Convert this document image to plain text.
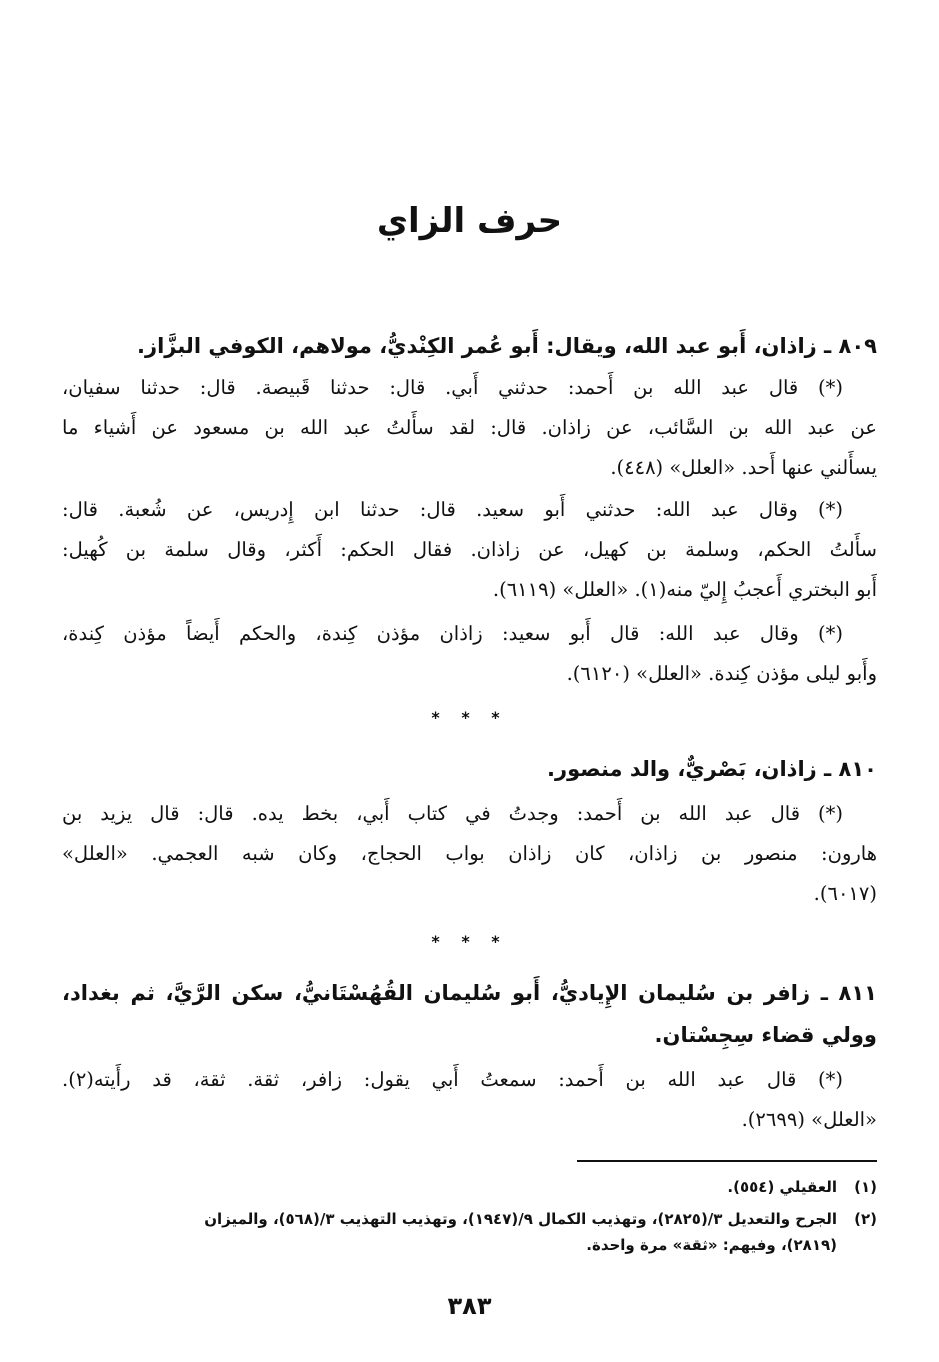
حرف الزاي
٨٠٩ ـ زاذان، أَبو عبد الله، ويقال: أَبو عُمر الكِنْديُّ، مولاهم، الكوفي البزَّاز.
(*) قال عبد الله بن أَحمد: حدثني أَبي. قال: حدثنا قَبيصة. قال: حدثنا سفيان،
عن عبد الله بن السَّائب، عن زاذان. قال: لقد سأَلتُ عبد الله بن مسعود عن أَشياء ما
يسأَلني عنها أَحد. «العلل» (٤٤٨).
(*) وقال عبد الله: حدثني أَبو سعيد. قال: حدثنا ابن إِدريس، عن شُعبة. قال:
سأَلتُ الحكم، وسلمة بن كهيل، عن زاذان. فقال الحكم: أَكثر، وقال سلمة بن كُهيل:
أَبو البختري أَعجبُ إِليّ منه(١). «العلل» (٦١١٩).
(*) وقال عبد الله: قال أَبو سعيد: زاذان مؤذن كِندة، والحكم أَيضاً مؤذن كِندة،
وأَبو ليلى مؤذن كِندة. «العلل» (٦١٢٠).
* * *
٨١٠ ـ زاذان، بَصْريٌّ، والد منصور.
(*) قال عبد الله بن أَحمد: وجدتُ في كتاب أَبي، بخط يده. قال: قال يزيد بن
هارون: منصور بن زاذان، كان زاذان بواب الحجاج، وكان شبه العجمي. «العلل»
(٦٠١٧).
* * *
٨١١ ـ زافر بن سُليمان الإِياديُّ، أَبو سُليمان القُهُسْتَانيُّ، سكن الرَّيَّ، ثم بغداد،
وولي قضاء سِجِسْتان.
(*) قال عبد الله بن أَحمد: سمعتُ أَبي يقول: زافر، ثقة. ثقة، قد رأَيته(٢).
«العلل» (٢٦٩٩).
(١)العقيلي (٥٥٤).
(٢)الجرح والتعديل ٣/(٢٨٢٥)، وتهذيب الكمال ٩/(١٩٤٧)، وتهذيب التهذيب ٣/(٥٦٨)، والميزان
(٢٨١٩)، وفيهم: «ثقة» مرة واحدة.
٣٨٣
